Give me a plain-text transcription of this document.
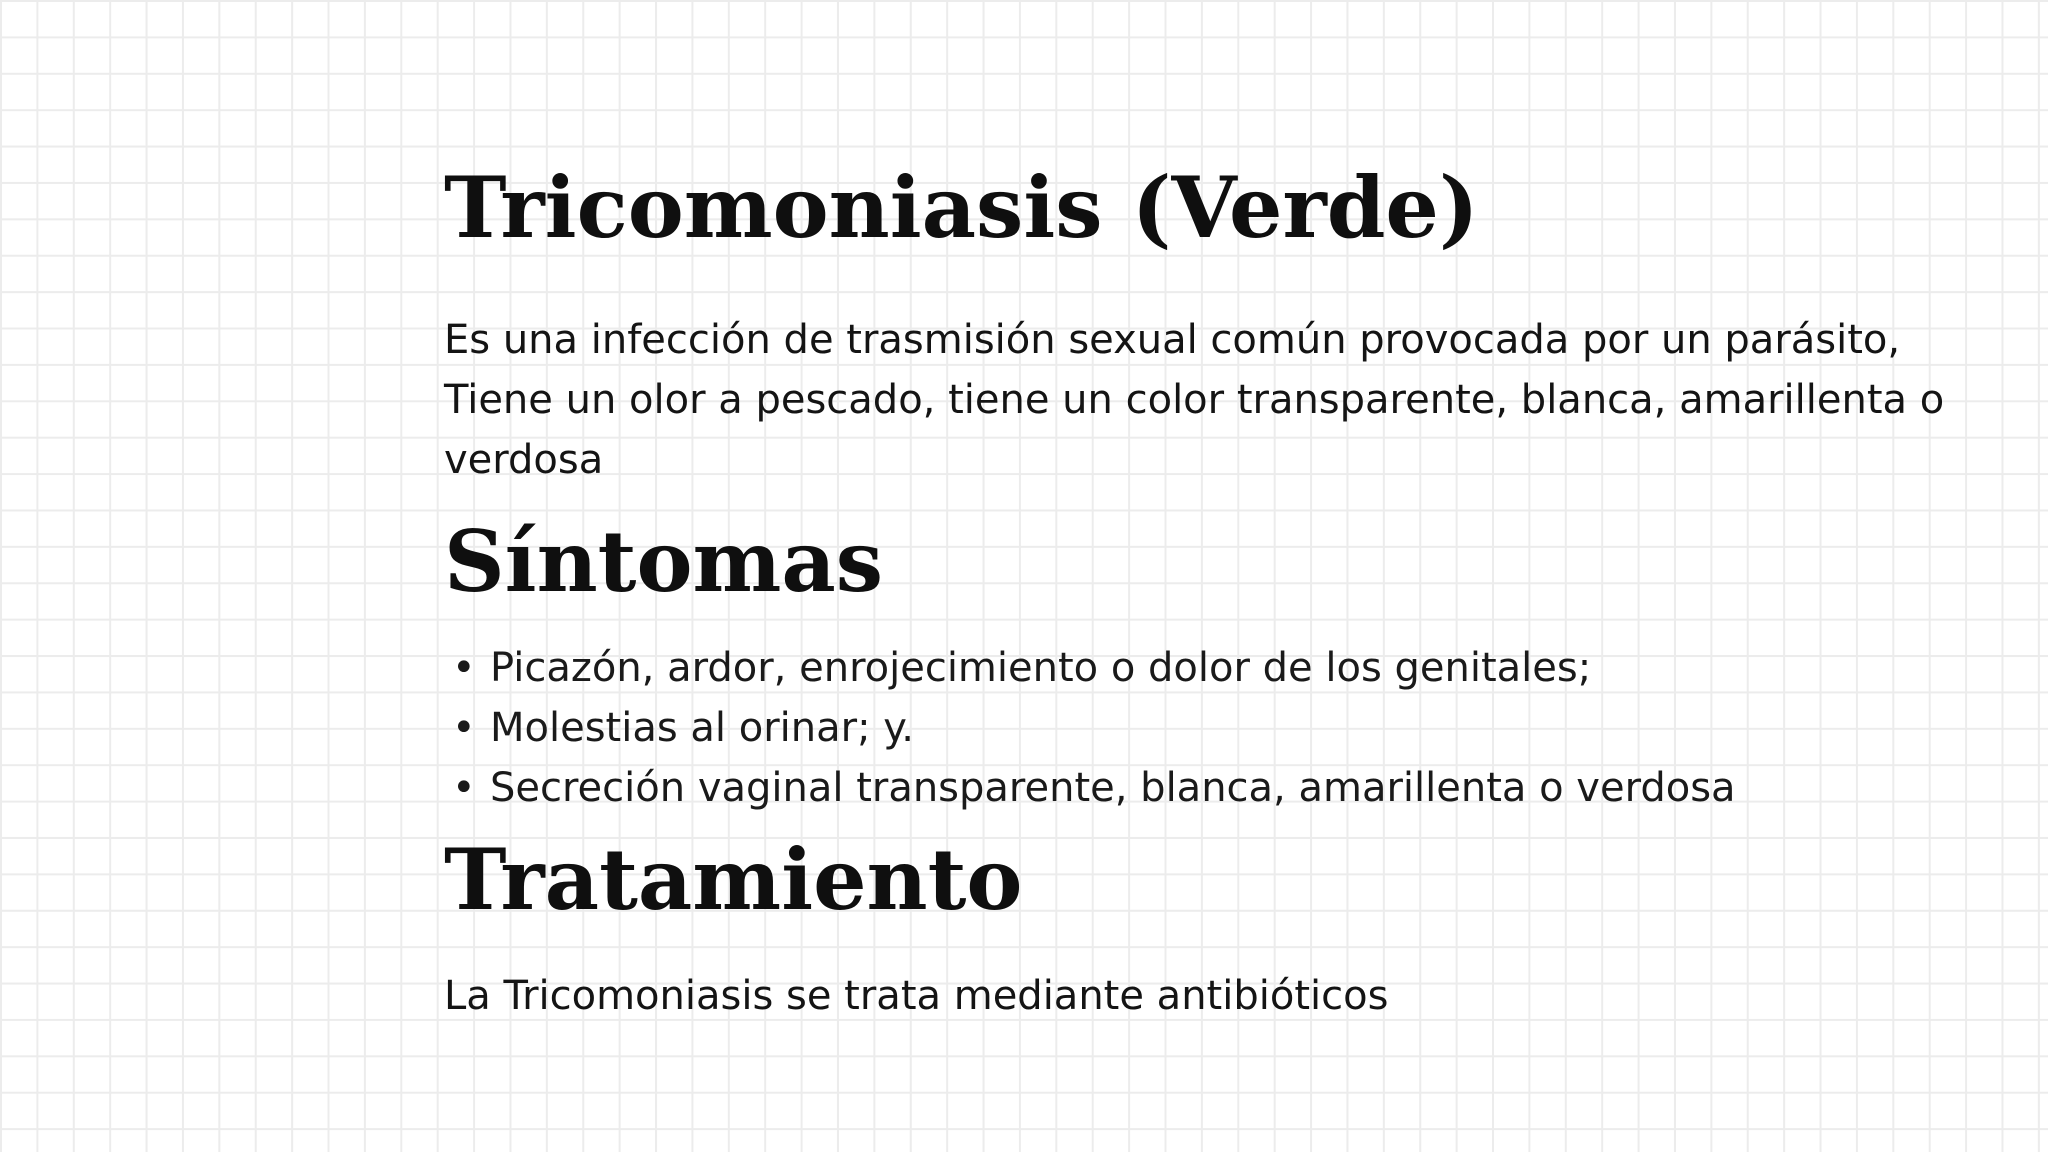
Tricomoniasis (Verde)

Es una infección de trasmisión sexual común provocada por un parásito, Tiene un olor a pescado, tiene un color transparente, blanca, amarillenta o verdosa

Síntomas
• Picazón, ardor, enrojecimiento o dolor de los genitales;
• Molestias al orinar; y.
• Secreción vaginal transparente, blanca, amarillenta o verdosa
Tratamiento

La Tricomoniasis se trata mediante antibióticos
